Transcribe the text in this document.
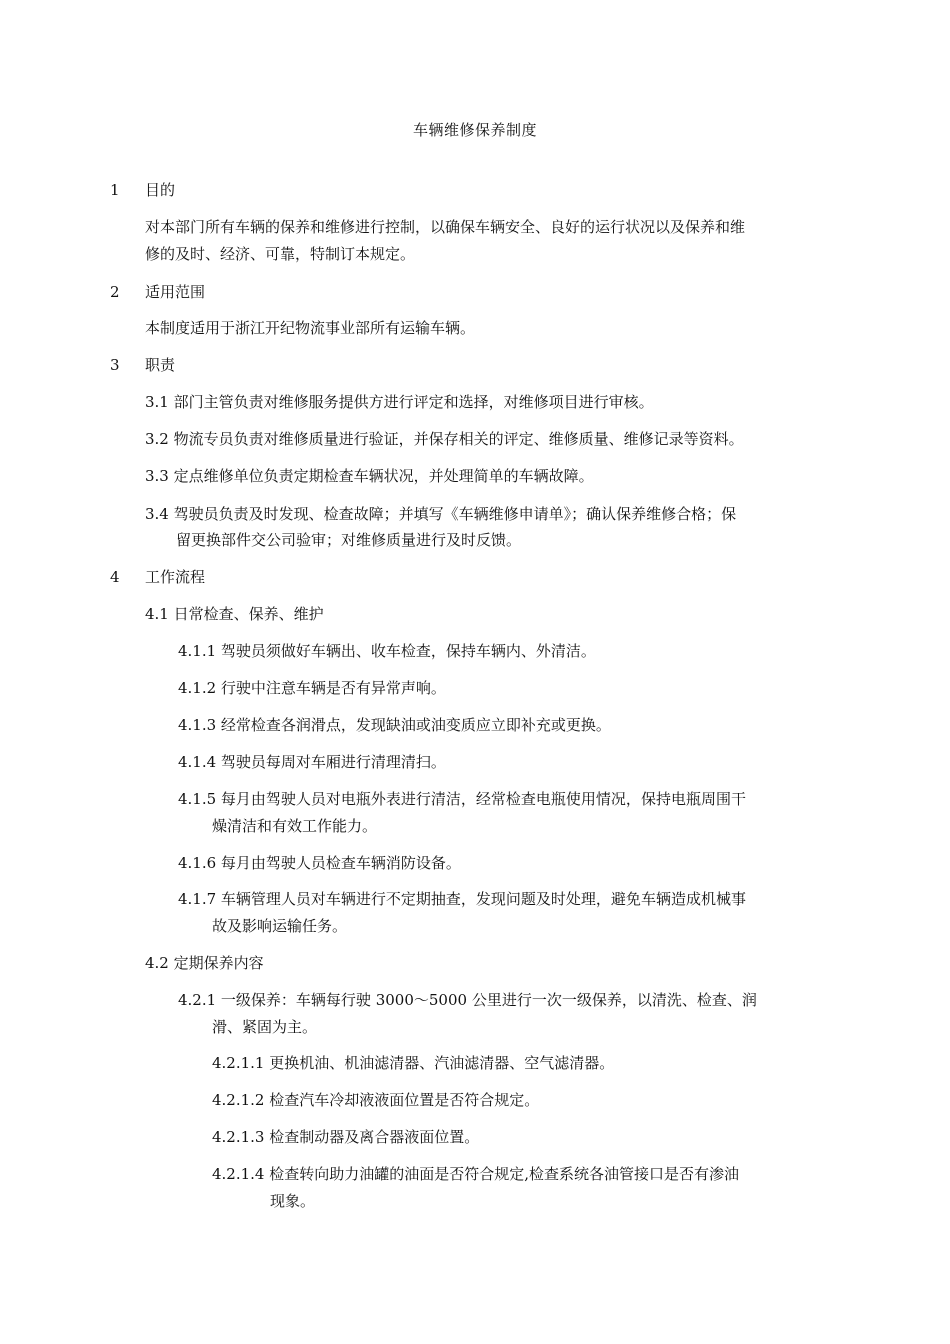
车辆维修保养制度
1 目的
对本部门所有车辆的保养和维修进行控制，以确保车辆安全、良好的运行状况以及保养和维
修的及时、经济、可靠，特制订本规定。
2 适用范围
本制度适用于浙江开纪物流事业部所有运输车辆。
3 职责
3.1 部门主管负责对维修服务提供方进行评定和选择，对维修项目进行审核。
3.2 物流专员负责对维修质量进行验证，并保存相关的评定、维修质量、维修记录等资料。
3.3 定点维修单位负责定期检查车辆状况，并处理简单的车辆故障。
3.4 驾驶员负责及时发现、检查故障；并填写《车辆维修申请单》；确认保养维修合格；保
留更换部件交公司验审；对维修质量进行及时反馈。
4 工作流程
4.1 日常检查、保养、维护
4.1.1 驾驶员须做好车辆出、收车检查，保持车辆内、外清洁。
4.1.2 行驶中注意车辆是否有异常声响。
4.1.3 经常检查各润滑点，发现缺油或油变质应立即补充或更换。
4.1.4 驾驶员每周对车厢进行清理清扫。
4.1.5 每月由驾驶人员对电瓶外表进行清洁，经常检查电瓶使用情况，保持电瓶周围干
燥清洁和有效工作能力。
4.1.6 每月由驾驶人员检查车辆消防设备。
4.1.7 车辆管理人员对车辆进行不定期抽查，发现问题及时处理，避免车辆造成机械事
故及影响运输任务。
4.2 定期保养内容
4.2.1 一级保养：车辆每行驶 3000～5000 公里进行一次一级保养，以清洗、检查、润
滑、紧固为主。
4.2.1.1 更换机油、机油滤清器、汽油滤清器、空气滤清器。
4.2.1.2 检查汽车冷却液液面位置是否符合规定。
4.2.1.3 检查制动器及离合器液面位置。
4.2.1.4 检查转向助力油罐的油面是否符合规定,检查系统各油管接口是否有渗油
现象。
